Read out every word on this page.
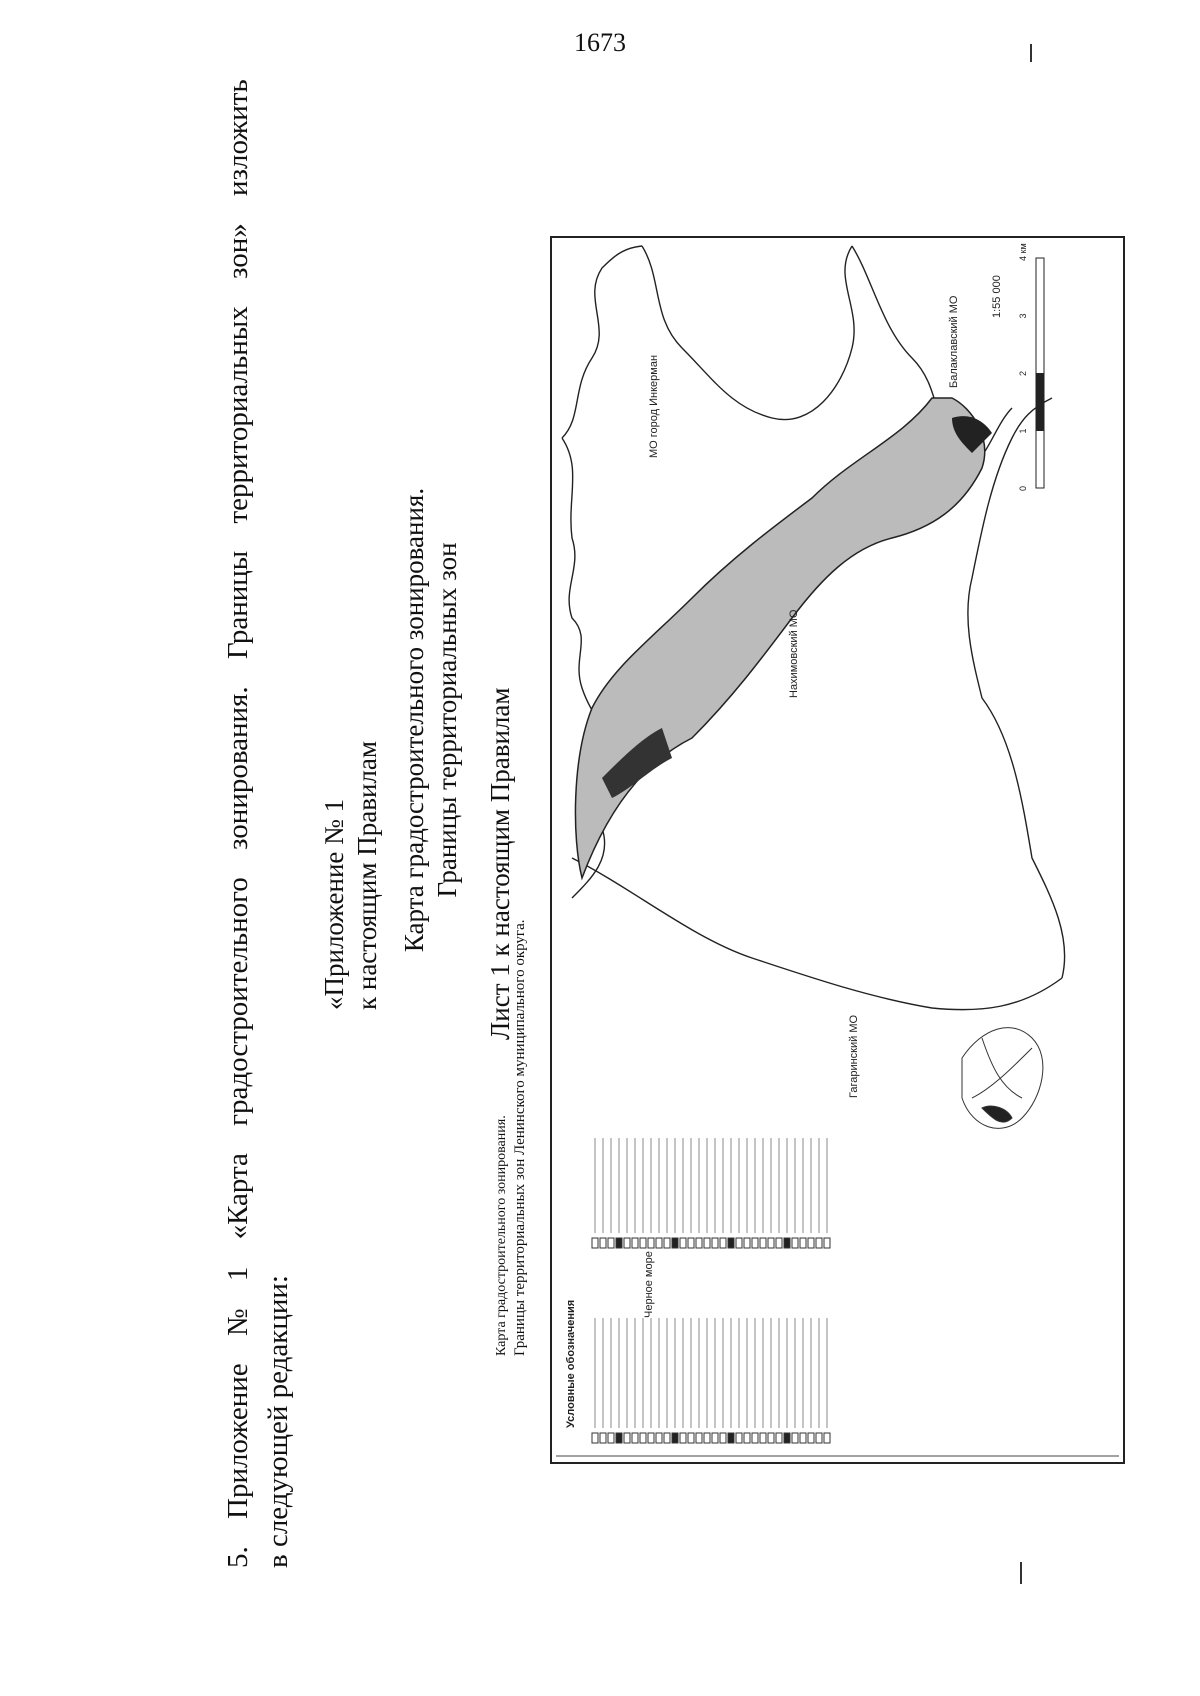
1673
5. Приложение № 1 «Карта градостроительного зонирования. Границы территориальных зон» изложить в следующей редакции:
«Приложение № 1 к настоящим Правилам Карта градостроительного зонирования. Границы территориальных зон Лист 1 к настоящим Правилам
Карта градостроительного зонирования. Границы территориальных зон Ленинского муниципального округа.
Нахимовский МО
Черное море
Гагаринский МО
МО город Инкерман
Балаклавский МО	1:55 000
0
1
2
3
4 км
Условные обозначения
